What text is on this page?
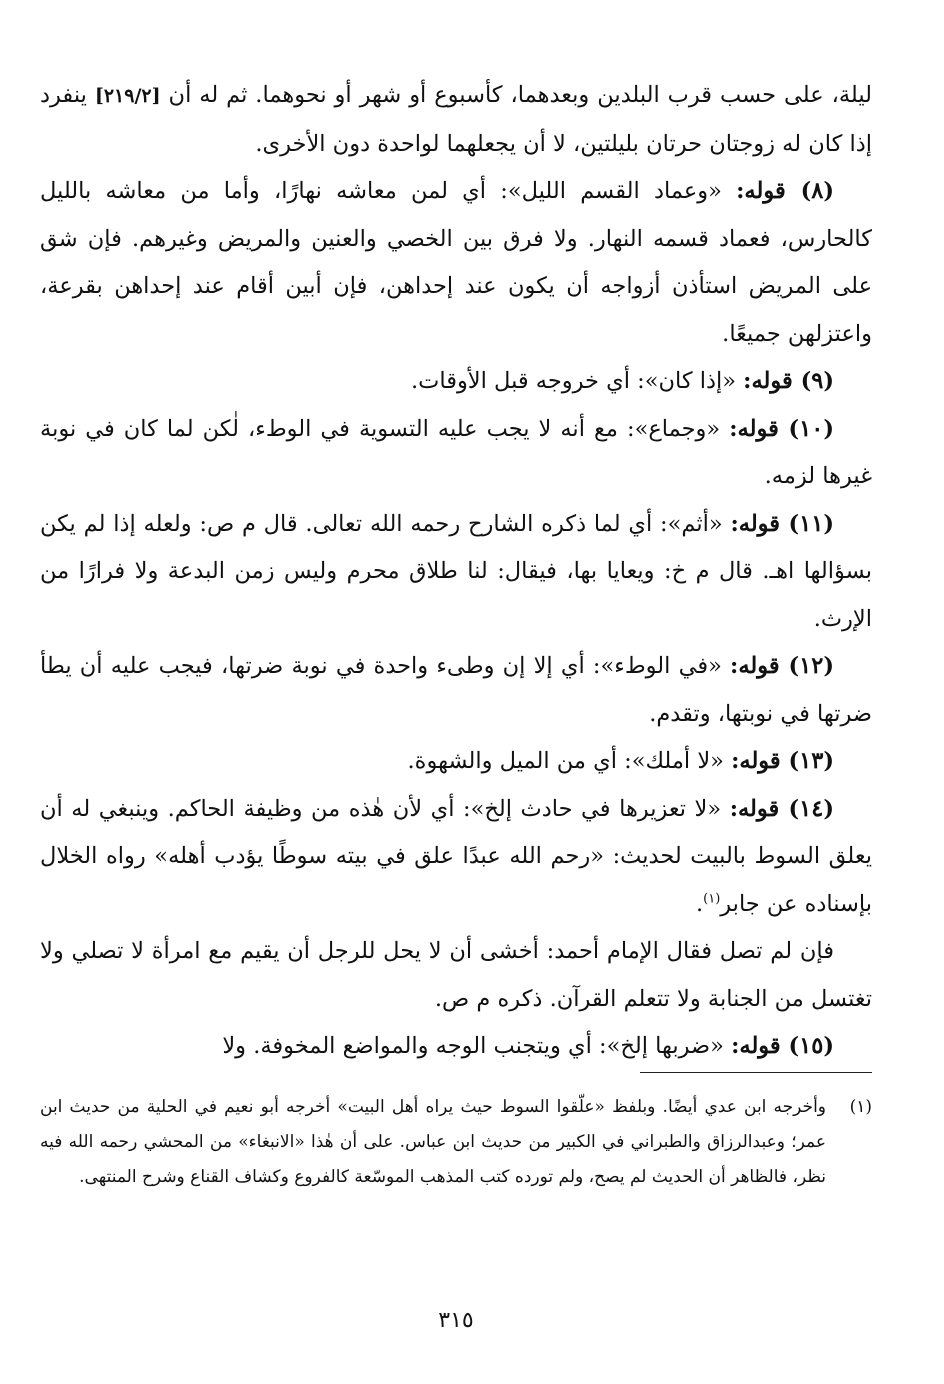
ليلة، على حسب قرب البلدين وبعدهما، كأسبوع أو شهر أو نحوهما. ثم له أن [٢١٩/٢] ينفرد إذا كان له زوجتان حرتان بليلتين، لا أن يجعلهما لواحدة دون الأخرى.

(٨) قوله: «وعماد القسم الليل»: أي لمن معاشه نهارًا، وأما من معاشه بالليل كالحارس، فعماد قسمه النهار. ولا فرق بين الخصي والعنين والمريض وغيرهم. فإن شق على المريض استأذن أزواجه أن يكون عند إحداهن، فإن أبين أقام عند إحداهن بقرعة، واعتزلهن جميعًا.

(٩) قوله: «إذا كان»: أي خروجه قبل الأوقات.

(١٠) قوله: «وجماع»: مع أنه لا يجب عليه التسوية في الوطء، لٰكن لما كان في نوبة غيرها لزمه.

(١١) قوله: «أثم»: أي لما ذكره الشارح رحمه الله تعالى. قال م ص: ولعله إذا لم يكن بسؤالها اهـ. قال م خ: ويعايا بها، فيقال: لنا طلاق محرم وليس زمن البدعة ولا فرارًا من الإرث.

(١٢) قوله: «في الوطء»: أي إلا إن وطىء واحدة في نوبة ضرتها، فيجب عليه أن يطأ ضرتها في نوبتها، وتقدم.

(١٣) قوله: «لا أملك»: أي من الميل والشهوة.

(١٤) قوله: «لا تعزيرها في حادث إلخ»: أي لأن هٰذه من وظيفة الحاكم. وينبغي له أن يعلق السوط بالبيت لحديث: «رحم الله عبدًا علق في بيته سوطًا يؤدب أهله» رواه الخلال بإسناده عن جابر$^{(١)}$.

فإن لم تصل فقال الإمام أحمد: أخشى أن لا يحل للرجل أن يقيم مع امرأة لا تصلي ولا تغتسل من الجنابة ولا تتعلم القرآن. ذكره م ص.

(١٥) قوله: «ضربها إلخ»: أي ويتجنب الوجه والمواضع المخوفة. ولا

(١)
وأخرجه ابن عدي أيضًا. وبلفظ «علّقوا السوط حيث يراه أهل البيت» أخرجه أبو نعيم في الحلية من حديث ابن عمر؛ وعبدالرزاق والطبراني في الكبير من حديث ابن عباس. على أن هٰذا «الانبغاء» من المحشي رحمه الله فيه نظر، فالظاهر أن الحديث لم يصح، ولم تورده كتب المذهب الموسّعة كالفروع وكشاف القناع وشرح المنتهى.
٣١٥
